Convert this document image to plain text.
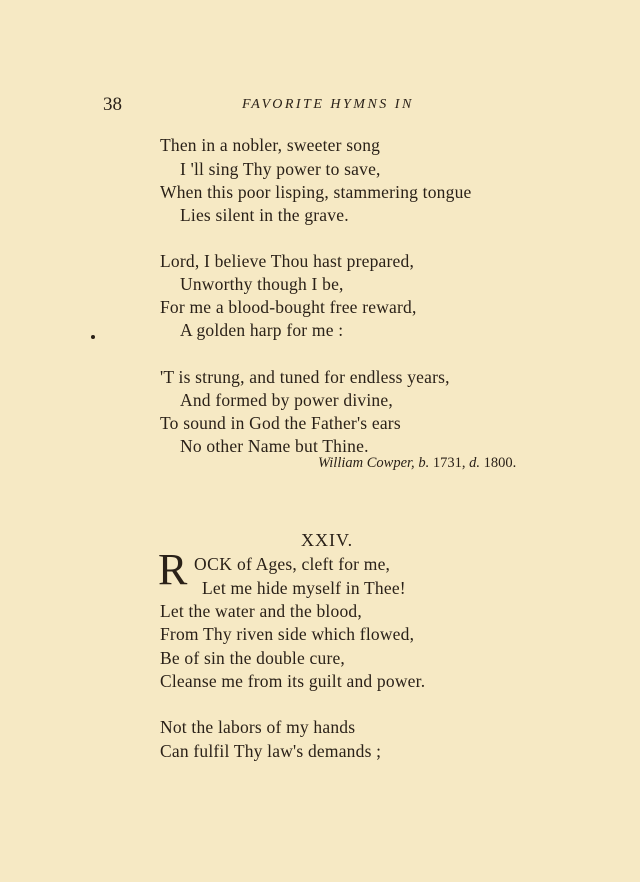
38	FAVORITE HYMNS IN
Then in a nobler, sweeter song
I 'll sing Thy power to save,
When this poor lisping, stammering tongue
Lies silent in the grave.
Lord, I believe Thou hast prepared,
Unworthy though I be,
For me a blood-bought free reward,
A golden harp for me :
'T is strung, and tuned for endless years,
And formed by power divine,
To sound in God the Father's ears
No other Name but Thine.
William Cowper, b. 1731, d. 1800.
XXIV.
R OCK of Ages, cleft for me,
Let me hide myself in Thee!
Let the water and the blood,
From Thy riven side which flowed,
Be of sin the double cure,
Cleanse me from its guilt and power.
Not the labors of my hands
Can fulfil Thy law's demands ;
